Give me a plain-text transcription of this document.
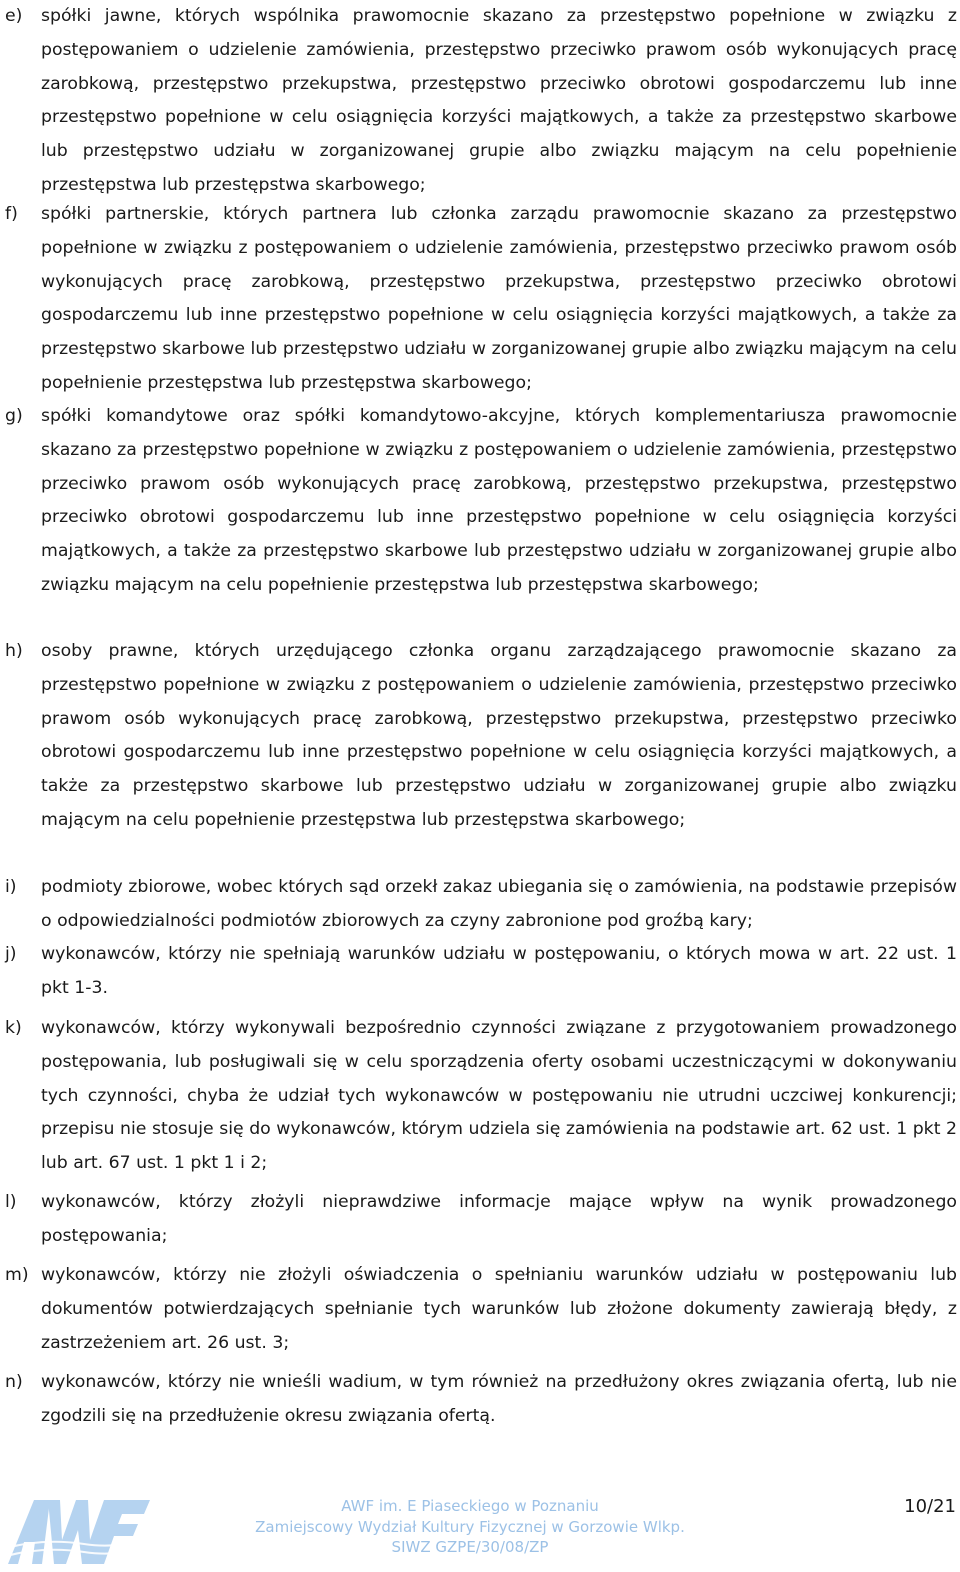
e) spółki jawne, których wspólnika prawomocnie skazano za przestępstwo popełnione w związku z postępowaniem o udzielenie zamówienia, przestępstwo przeciwko prawom osób wykonujących pracę zarobkową, przestępstwo przekupstwa, przestępstwo przeciwko obrotowi gospodarczemu lub inne przestępstwo popełnione w celu osiągnięcia korzyści majątkowych, a także za przestępstwo skarbowe lub przestępstwo udziału w zorganizowanej grupie albo związku mającym na celu popełnienie przestępstwa lub przestępstwa skarbowego;
f) spółki partnerskie, których partnera lub członka zarządu prawomocnie skazano za przestępstwo popełnione w związku z postępowaniem o udzielenie zamówienia, przestępstwo przeciwko prawom osób wykonujących pracę zarobkową, przestępstwo przekupstwa, przestępstwo przeciwko obrotowi gospodarczemu lub inne przestępstwo popełnione w celu osiągnięcia korzyści majątkowych, a także za przestępstwo skarbowe lub przestępstwo udziału w zorganizowanej grupie albo związku mającym na celu popełnienie przestępstwa lub przestępstwa skarbowego;
g) spółki komandytowe oraz spółki komandytowo-akcyjne, których komplementariusza prawomocnie skazano za przestępstwo popełnione w związku z postępowaniem o udzielenie zamówienia, przestępstwo przeciwko prawom osób wykonujących pracę zarobkową, przestępstwo przekupstwa, przestępstwo przeciwko obrotowi gospodarczemu lub inne przestępstwo popełnione w celu osiągnięcia korzyści majątkowych, a także za przestępstwo skarbowe lub przestępstwo udziału w zorganizowanej grupie albo związku mającym na celu popełnienie przestępstwa lub przestępstwa skarbowego;
h) osoby prawne, których urzędującego członka organu zarządzającego prawomocnie skazano za przestępstwo popełnione w związku z postępowaniem o udzielenie zamówienia, przestępstwo przeciwko prawom osób wykonujących pracę zarobkową, przestępstwo przekupstwa, przestępstwo przeciwko obrotowi gospodarczemu lub inne przestępstwo popełnione w celu osiągnięcia korzyści majątkowych, a także za przestępstwo skarbowe lub przestępstwo udziału w zorganizowanej grupie albo związku mającym na celu popełnienie przestępstwa lub przestępstwa skarbowego;
i) podmioty zbiorowe, wobec których sąd orzekł zakaz ubiegania się o zamówienia, na podstawie przepisów o odpowiedzialności podmiotów zbiorowych za czyny zabronione pod groźbą kary;
j) wykonawców, którzy nie spełniają warunków udziału w postępowaniu, o których mowa w art. 22 ust. 1 pkt 1-3.
k) wykonawców, którzy wykonywali bezpośrednio czynności związane z przygotowaniem prowadzonego postępowania, lub posługiwali się w celu sporządzenia oferty osobami uczestniczącymi w dokonywaniu tych czynności, chyba że udział tych wykonawców w postępowaniu nie utrudni uczciwej konkurencji; przepisu nie stosuje się do wykonawców, którym udziela się zamówienia na podstawie art. 62 ust. 1 pkt 2 lub art. 67 ust. 1 pkt 1 i 2;
l) wykonawców, którzy złożyli nieprawdziwe informacje mające wpływ na wynik prowadzonego postępowania;
m) wykonawców, którzy nie złożyli oświadczenia o spełnianiu warunków udziału w postępowaniu lub dokumentów potwierdzających spełnianie tych warunków lub złożone dokumenty zawierają błędy, z zastrzeżeniem art. 26 ust. 3;
n) wykonawców, którzy nie wnieśli wadium, w tym również na przedłużony okres związania ofertą, lub nie zgodzili się na przedłużenie okresu związania ofertą.
AWF im. E Piaseckiego w Poznaniu
Zamiejscowy Wydział Kultury Fizycznej w Gorzowie Wlkp.
SIWZ GZPE/30/08/ZP
10/21
